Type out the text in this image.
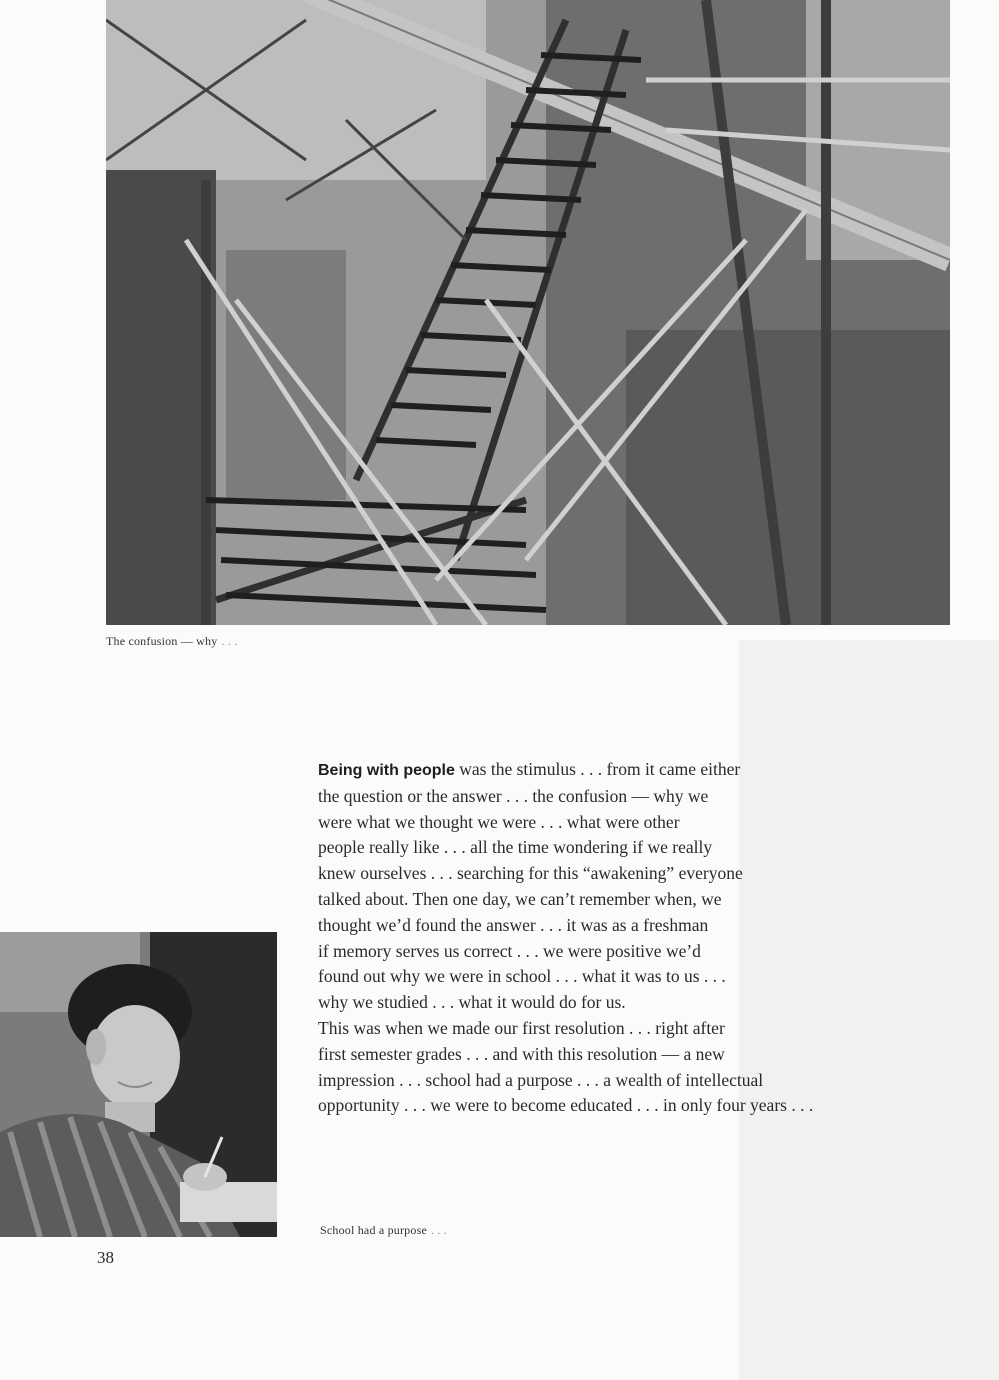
The confusion — why . . .
Being with people was the stimulus . . . from it came either
the question or the answer . . . the confusion — why we
were what we thought we were . . . what were other
people really like . . . all the time wondering if we really
knew ourselves . . . searching for this “awakening” everyone
talked about. Then one day, we can’t remember when, we
thought we’d found the answer . . . it was as a freshman
if memory serves us correct . . . we were positive we’d
found out why we were in school . . . what it was to us . . .
why we studied . . . what it would do for us.
This was when we made our first resolution . . . right after
first semester grades . . . and with this resolution — a new
impression . . . school had a purpose . . . a wealth of intellectual
opportunity . . . we were to become educated . . . in only four years . . .
School had a purpose . . .
38
